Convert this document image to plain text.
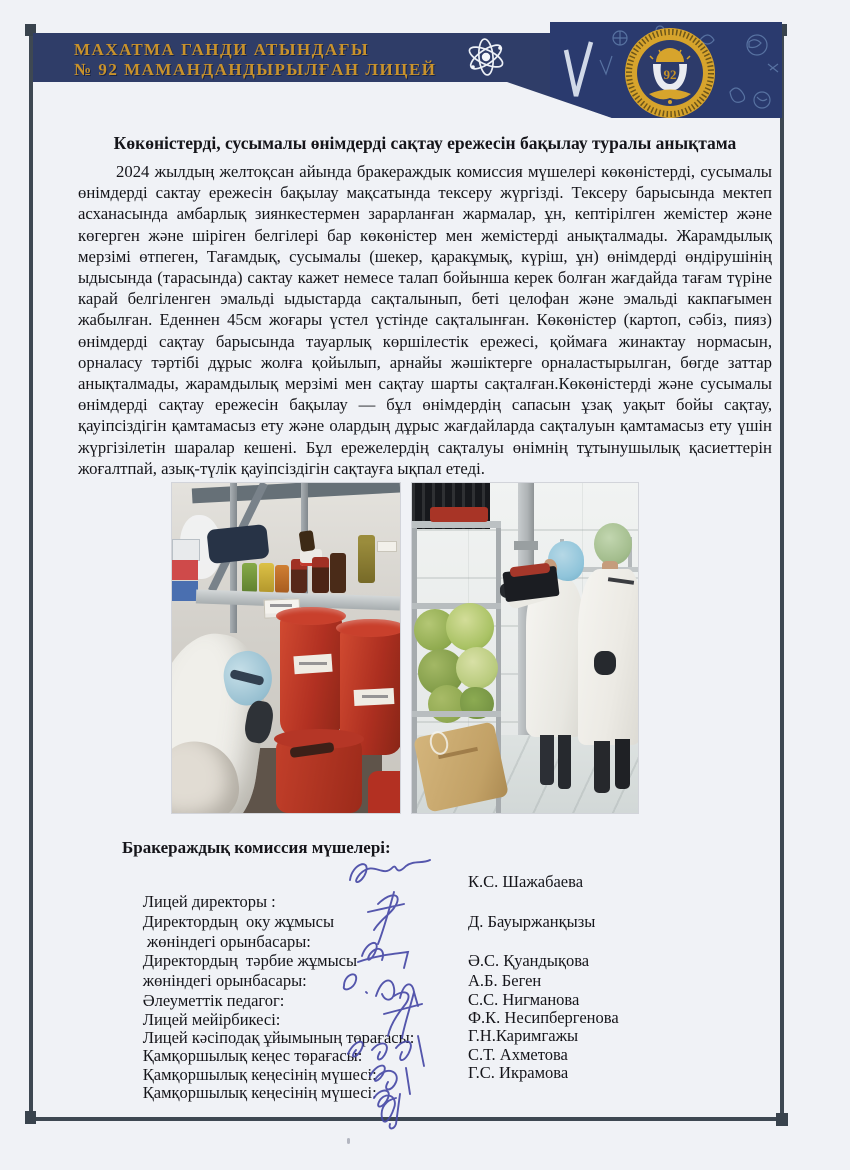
92
МАХАТМА ГАНДИ АТЫНДАҒЫ
№ 92 МАМАНДАНДЫРЫЛҒАН ЛИЦЕЙ
Көкөністерді, сусымалы өнімдерді сақтау ережесін бақылау туралы анықтама
2024 жылдың желтоқсан айында бракераждык комиссия мүшелері көкөністерді, сусымалы өнімдерді сактау ережесін бақылау мақсатында тексеру жүргізді. Тексеру барысында мектеп асханасында амбарлық зиянкестермен зарарланған жармалар, ұн, кептірілген жемістер және көгерген және шіріген белгілері бар көкөністер мен жемістерді анықталмады. Жарамдылық мерзімі өтпеген, Тағамдық, сусымалы (шекер, қаракұмық, күріш, ұн) өнімдерді өндірушінің ыдысында (тарасында) сактау кажет немесе талап бойынша керек болған жағдайда тағам түріне карай белгіленген эмальді ыдыстарда сақталынып, беті целофан және эмальді какпағымен жабылған. Еденнен 45см жоғары үстел үстінде сақталынған. Көкөністер (картоп, сәбіз, пияз) өнімдерді сақтау барысында тауарлық көршілестік ережесі, қоймаға жинактау нормасын, орналасу тәртібі дұрыс жолға қойылып, арнайы жәшіктерге орналастырылган, бөгде заттар анықталмады, жарамдылық мерзімі мен сақтау шарты сақталған.Көкөністерді және сусымалы өнімдерді сақтау ережесін бақылау — бұл өнімдердің сапасын ұзақ уақыт бойы сақтау, қауіпсіздігін қамтамасыз ету және олардың дұрыс жағдайларда сақталуын қамтамасыз ету үшін жүргізілетін шаралар кешені. Бұл ережелердің сақталуы өнімнің тұтынушылық қасиеттерін жоғалтпай, азық-түлік қауіпсіздігін сақтауға ықпал етеді.
Бракераждық комиссия мүшелері:

Лицей директоры :

К.С. Шажабаева

Директордың  оку жұмысы

жөніндегі орынбасары:

Д. Бауыржанқызы

Директордың  тәрбие жұмысы

жөніндегі орынбасары:

Ә.С. Қуандықова

Әлеуметтік педагог:

А.Б. Беген

Лицей мейірбикесі:

С.С. Нигманова

Лицей кәсіподақ ұйымының төрағасы:

Ф.К. Несипбергенова

Қамқоршылық кеңес төрағасы:

Г.Н.Каримгажы

Қамқоршылық кеңесінің мүшесі:

С.Т. Ахметова

Қамқоршылық кеңесінің мүшесі:

Г.С. Икрамова
